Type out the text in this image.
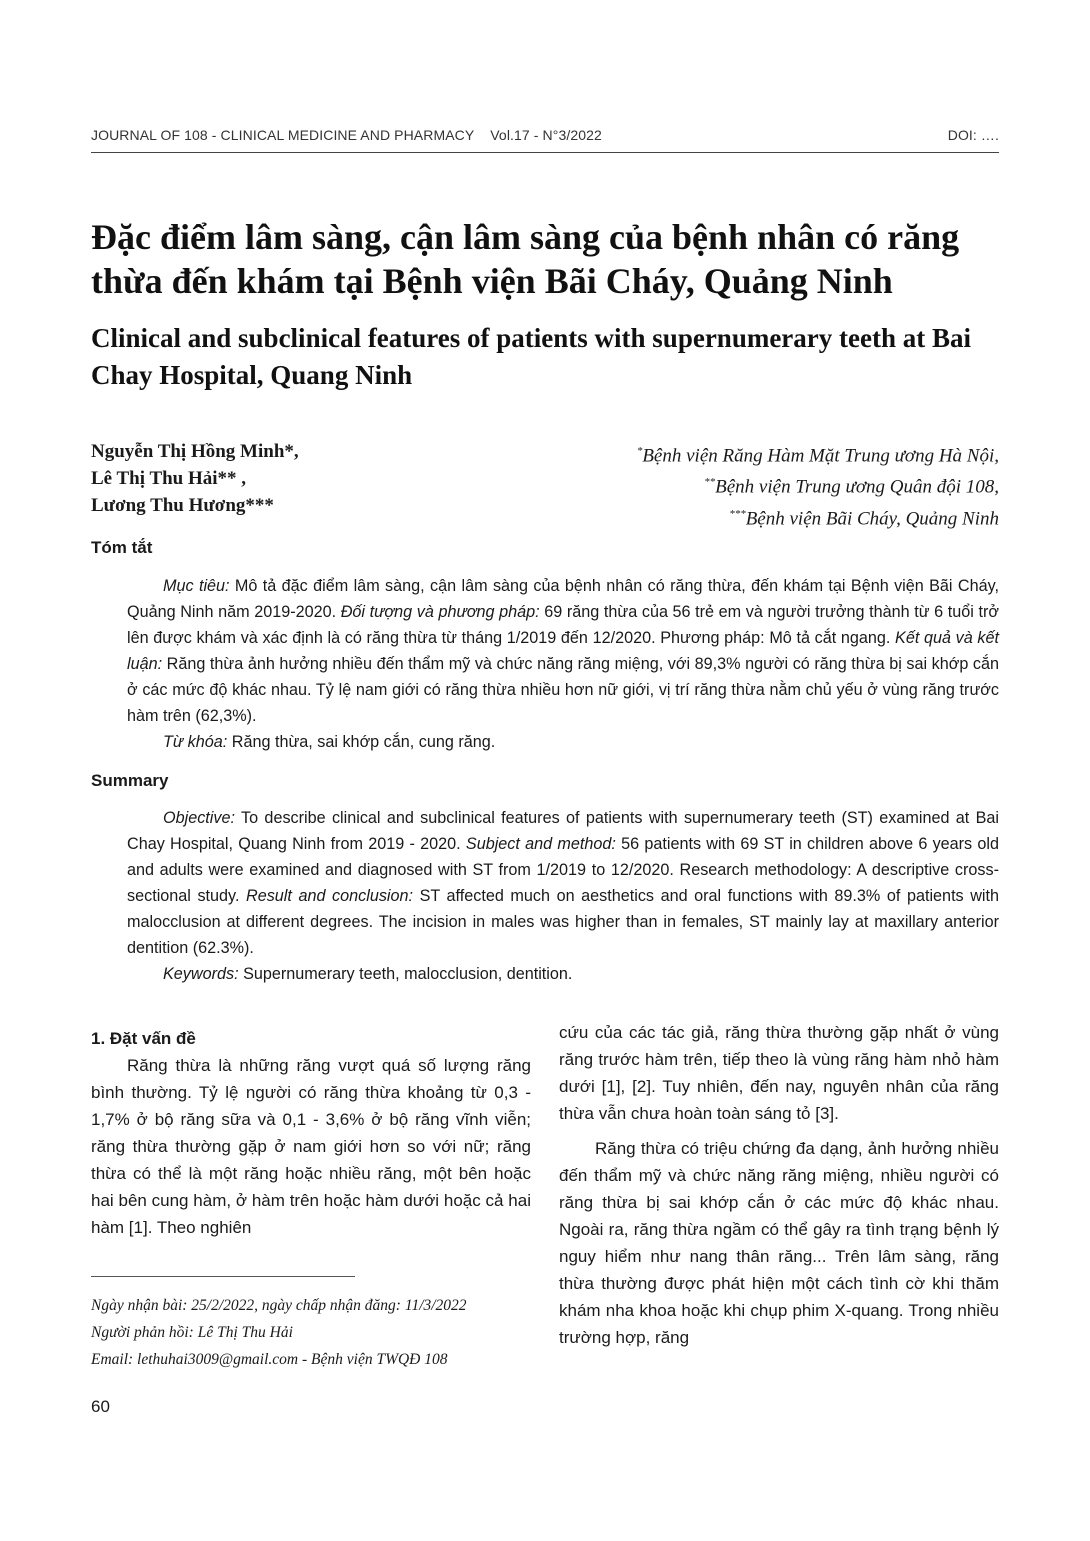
JOURNAL OF 108 - CLINICAL MEDICINE AND PHARMACY Vol.17 - N°3/2022	DOI: ….
Đặc điểm lâm sàng, cận lâm sàng của bệnh nhân có răng thừa đến khám tại Bệnh viện Bãi Cháy, Quảng Ninh
Clinical and subclinical features of patients with supernumerary teeth at Bai Chay Hospital, Quang Ninh
Nguyễn Thị Hồng Minh*,
Lê Thị Thu Hải** ,
Lương Thu Hương***
*Bệnh viện Răng Hàm Mặt Trung ương Hà Nội,
**Bệnh viện Trung ương Quân đội 108,
***Bệnh viện Bãi Cháy, Quảng Ninh
Tóm tắt

Mục tiêu: Mô tả đặc điểm lâm sàng, cận lâm sàng của bệnh nhân có răng thừa, đến khám tại Bệnh viện Bãi Cháy, Quảng Ninh năm 2019-2020. Đối tượng và phương pháp: 69 răng thừa của 56 trẻ em và người trưởng thành từ 6 tuổi trở lên được khám và xác định là có răng thừa từ tháng 1/2019 đến 12/2020. Phương pháp: Mô tả cắt ngang. Kết quả và kết luận: Răng thừa ảnh hưởng nhiều đến thẩm mỹ và chức năng răng miệng, với 89,3% người có răng thừa bị sai khớp cắn ở các mức độ khác nhau. Tỷ lệ nam giới có răng thừa nhiều hơn nữ giới, vị trí răng thừa nằm chủ yếu ở vùng răng trước hàm trên (62,3%).

Từ khóa: Răng thừa, sai khớp cắn, cung răng.

Summary

Objective: To describe clinical and subclinical features of patients with supernumerary teeth (ST) examined at Bai Chay Hospital, Quang Ninh from 2019 - 2020. Subject and method: 56 patients with 69 ST in children above 6 years old and adults were examined and diagnosed with ST from 1/2019 to 12/2020. Research methodology: A descriptive cross-sectional study. Result and conclusion: ST affected much on aesthetics and oral functions with 89.3% of patients with malocclusion at different degrees. The incision in males was higher than in females, ST mainly lay at maxillary anterior dentition (62.3%).

Keywords: Supernumerary teeth, malocclusion, dentition.

1. Đặt vấn đề

Răng thừa là những răng vượt quá số lượng răng bình thường. Tỷ lệ người có răng thừa khoảng từ 0,3 - 1,7% ở bộ răng sữa và 0,1 - 3,6% ở bộ răng vĩnh viễn; răng thừa thường gặp ở nam giới hơn so với nữ; răng thừa có thể là một răng hoặc nhiều răng, một bên hoặc hai bên cung hàm, ở hàm trên hoặc hàm dưới hoặc cả hai hàm [1]. Theo nghiên

cứu của các tác giả, răng thừa thường gặp nhất ở vùng răng trước hàm trên, tiếp theo là vùng răng hàm nhỏ hàm dưới [1], [2]. Tuy nhiên, đến nay, nguyên nhân của răng thừa vẫn chưa hoàn toàn sáng tỏ [3].

Răng thừa có triệu chứng đa dạng, ảnh hưởng nhiều đến thẩm mỹ và chức năng răng miệng, nhiều người có răng thừa bị sai khớp cắn ở các mức độ khác nhau. Ngoài ra, răng thừa ngầm có thể gây ra tình trạng bệnh lý nguy hiểm như nang thân răng... Trên lâm sàng, răng thừa thường được phát hiện một cách tình cờ khi thăm khám nha khoa hoặc khi chụp phim X-quang. Trong nhiều trường hợp, răng

Ngày nhận bài: 25/2/2022, ngày chấp nhận đăng: 11/3/2022
Người phản hồi: Lê Thị Thu Hải
Email: lethuhai3009@gmail.com - Bệnh viện TWQĐ 108
60
